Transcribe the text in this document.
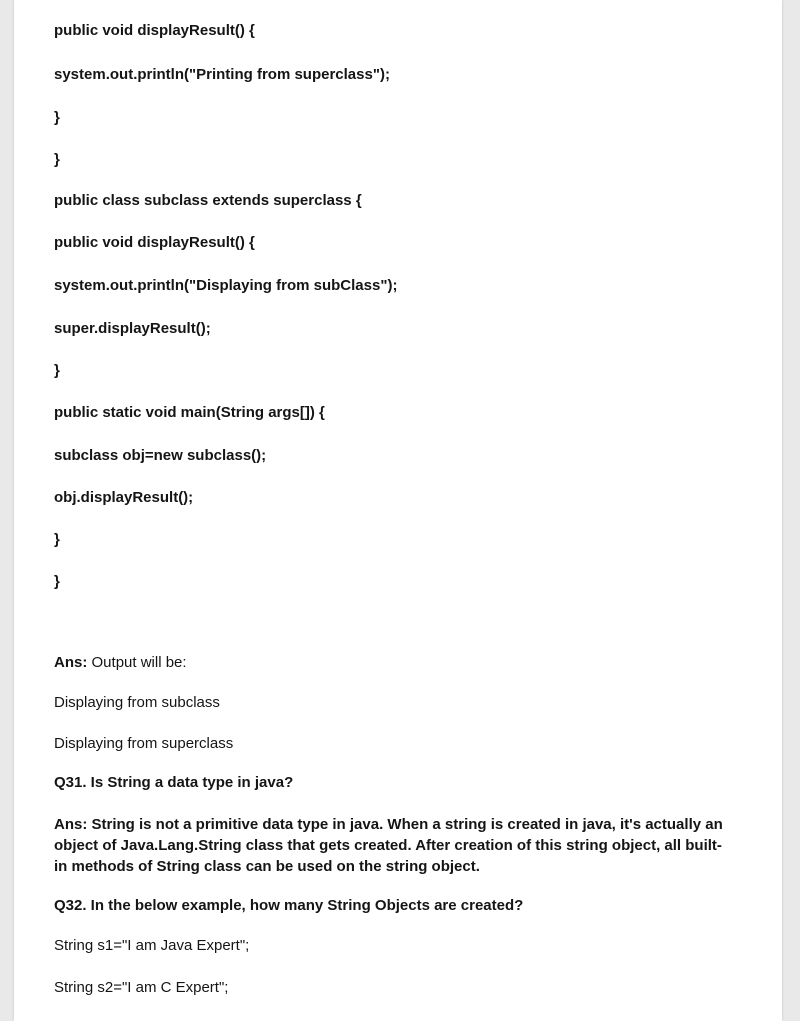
public void displayResult() {
system.out.println("Printing from superclass");
}
}
public class subclass extends superclass {
public void displayResult() {
system.out.println("Displaying from subClass");
super.displayResult();
}
public static void main(String args[]) {
subclass obj=new subclass();
obj.displayResult();
}
}
Ans: Output will be:
Displaying from subclass
Displaying from superclass
Q31. Is String a data type in java?
Ans: String is not a primitive data type in java. When a string is created in java, it's actually an object of Java.Lang.String class that gets created. After creation of this string object, all built-in methods of String class can be used on the string object.
Q32. In the below example, how many String Objects are created?
String s1="I am Java Expert";
String s2="I am C Expert";
